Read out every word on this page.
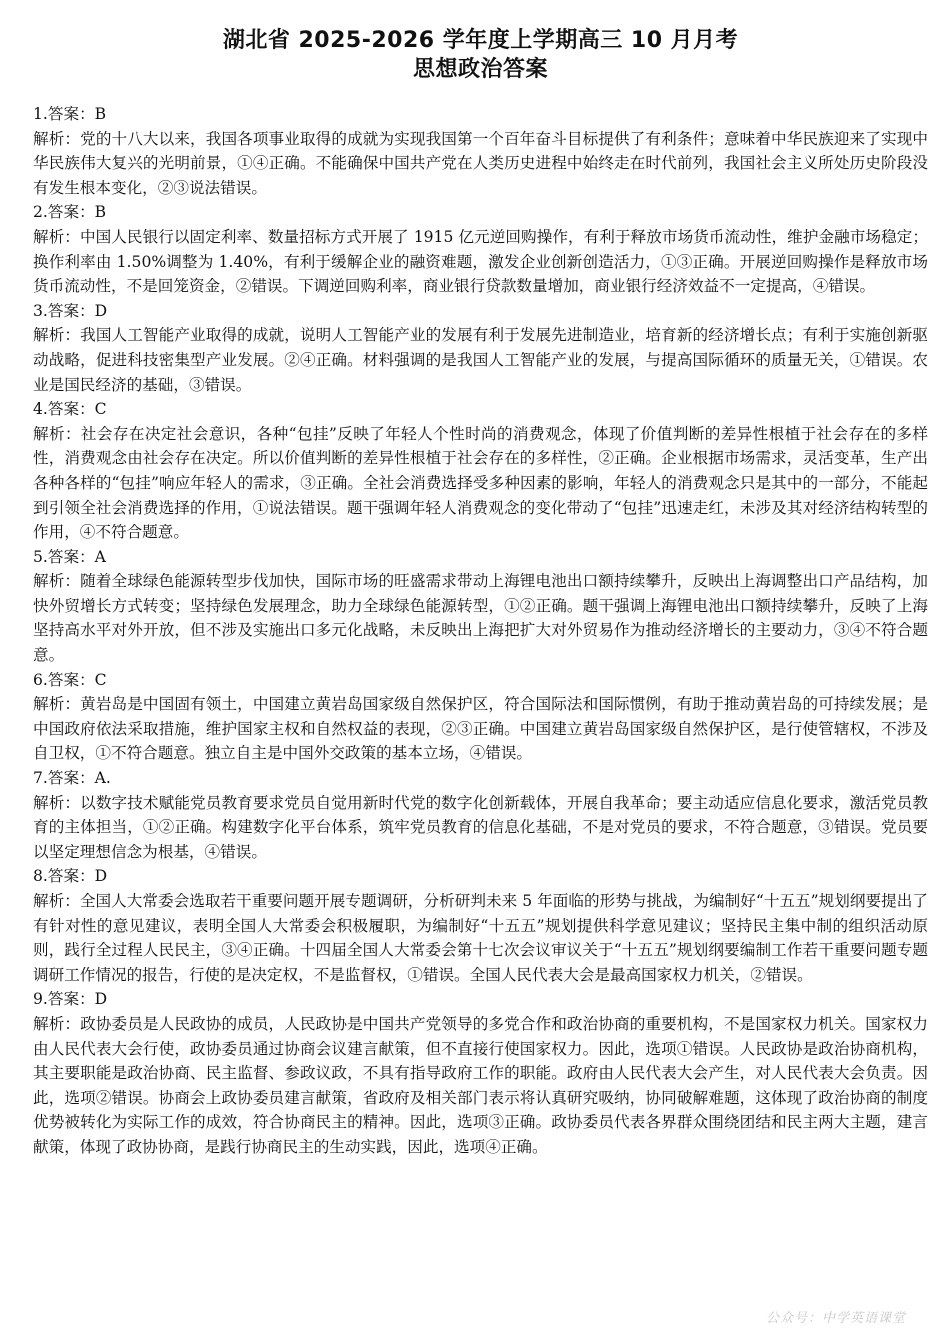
湖北省 2025-2026 学年度上学期高三 10 月月考
思想政治答案

1.答案：B

解析：党的十八大以来，我国各项事业取得的成就为实现我国第一个百年奋斗目标提供了有利条件；意味着中华民族迎来了实现中华民族伟大复兴的光明前景，①④正确。不能确保中国共产党在人类历史进程中始终走在时代前列，我国社会主义所处历史阶段没有发生根本变化，②③说法错误。

2.答案：B

解析：中国人民银行以固定利率、数量招标方式开展了 1915 亿元逆回购操作，有利于释放市场货币流动性，维护金融市场稳定；换作利率由 1.50%调整为 1.40%，有利于缓解企业的融资难题，激发企业创新创造活力，①③正确。开展逆回购操作是释放市场货币流动性，不是回笼资金，②错误。下调逆回购利率，商业银行贷款数量增加，商业银行经济效益不一定提高，④错误。

3.答案：D

解析：我国人工智能产业取得的成就，说明人工智能产业的发展有利于发展先进制造业，培育新的经济增长点；有利于实施创新驱动战略，促进科技密集型产业发展。②④正确。材料强调的是我国人工智能产业的发展，与提高国际循环的质量无关，①错误。农业是国民经济的基础，③错误。

4.答案：C

解析：社会存在决定社会意识，各种“包挂”反映了年轻人个性时尚的消费观念，体现了价值判断的差异性根植于社会存在的多样性，消费观念由社会存在决定。所以价值判断的差异性根植于社会存在的多样性，②正确。企业根据市场需求，灵活变革，生产出各种各样的“包挂”响应年轻人的需求，③正确。全社会消费选择受多种因素的影响，年轻人的消费观念只是其中的一部分，不能起到引领全社会消费选择的作用，①说法错误。题干强调年轻人消费观念的变化带动了“包挂”迅速走红，未涉及其对经济结构转型的作用，④不符合题意。

5.答案：A

解析：随着全球绿色能源转型步伐加快，国际市场的旺盛需求带动上海锂电池出口额持续攀升，反映出上海调整出口产品结构，加快外贸增长方式转变；坚持绿色发展理念，助力全球绿色能源转型，①②正确。题干强调上海锂电池出口额持续攀升，反映了上海坚持高水平对外开放，但不涉及实施出口多元化战略，未反映出上海把扩大对外贸易作为推动经济增长的主要动力，③④不符合题意。

6.答案：C

解析：黄岩岛是中国固有领土，中国建立黄岩岛国家级自然保护区，符合国际法和国际惯例，有助于推动黄岩岛的可持续发展；是中国政府依法采取措施，维护国家主权和自然权益的表现，②③正确。中国建立黄岩岛国家级自然保护区，是行使管辖权，不涉及自卫权，①不符合题意。独立自主是中国外交政策的基本立场，④错误。

7.答案：A.

解析：以数字技术赋能党员教育要求党员自觉用新时代党的数字化创新载体，开展自我革命；要主动适应信息化要求，激活党员教育的主体担当，①②正确。构建数字化平台体系，筑牢党员教育的信息化基础，不是对党员的要求，不符合题意，③错误。党员要以坚定理想信念为根基，④错误。

8.答案：D

解析：全国人大常委会选取若干重要问题开展专题调研，分析研判未来 5 年面临的形势与挑战，为编制好“十五五”规划纲要提出了有针对性的意见建议，表明全国人大常委会积极履职，为编制好“十五五”规划提供科学意见建议；坚持民主集中制的组织活动原则，践行全过程人民民主，③④正确。十四届全国人大常委会第十七次会议审议关于“十五五”规划纲要编制工作若干重要问题专题调研工作情况的报告，行使的是决定权，不是监督权，①错误。全国人民代表大会是最高国家权力机关，②错误。

9.答案：D

解析：政协委员是人民政协的成员，人民政协是中国共产党领导的多党合作和政治协商的重要机构，不是国家权力机关。国家权力由人民代表大会行使，政协委员通过协商会议建言献策，但不直接行使国家权力。因此，选项①错误。人民政协是政治协商机构，其主要职能是政治协商、民主监督、参政议政，不具有指导政府工作的职能。政府由人民代表大会产生，对人民代表大会负责。因此，选项②错误。协商会上政协委员建言献策，省政府及相关部门表示将认真研究吸纳，协同破解难题，这体现了政治协商的制度优势被转化为实际工作的成效，符合协商民主的精神。因此，选项③正确。政协委员代表各界群众围绕团结和民主两大主题，建言献策，体现了政协协商，是践行协商民主的生动实践，因此，选项④正确。

公众号：中学英语课堂
